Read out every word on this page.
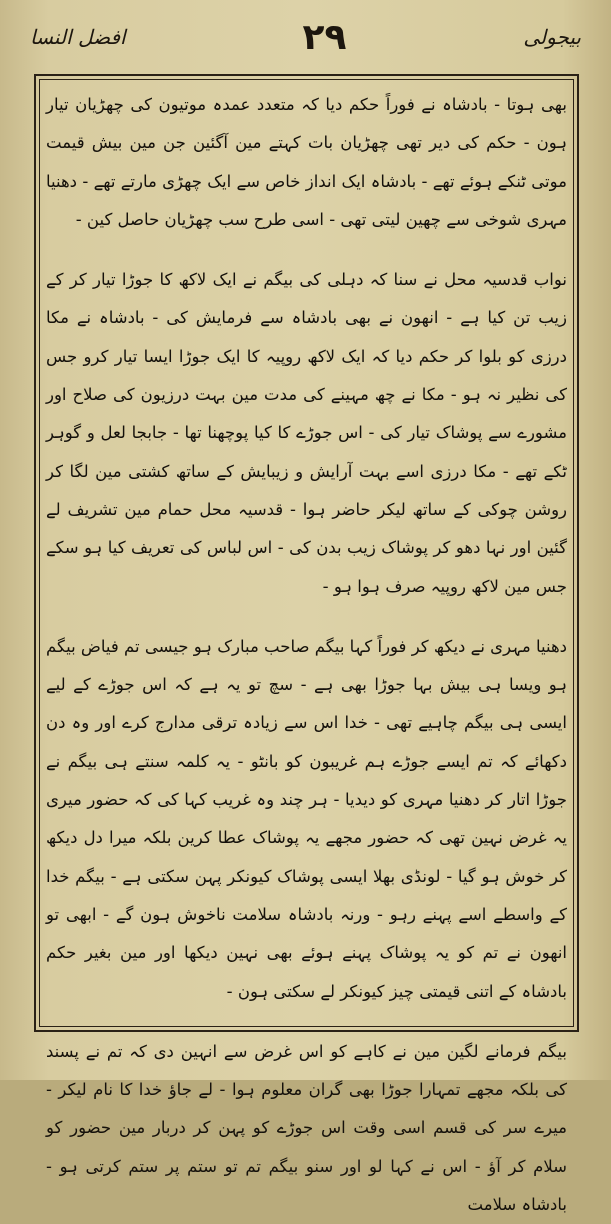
بیجولی
٢٩
افضل النسا

بھی ہوتا - بادشاہ نے فوراً حکم دیا کہ متعدد عمدہ موتیون کی چھڑیان تیار ہون - حکم کی دیر تھی چھڑیان بات کہتے مین آگئین جن مین بیش قیمت موتی ٹنکے ہوئے تھے - بادشاہ ایک انداز خاص سے ایک چھڑی مارتے تھے - دھنیا مہری شوخی سے چھین لیتی تھی - اسی طرح سب چھڑیان حاصل کین -

نواب قدسیہ محل نے سنا کہ دہلی کی بیگم نے ایک لاکھ کا جوڑا تیار کر کے زیب تن کیا ہے - انھون نے بھی بادشاہ سے فرمایش کی - بادشاہ نے مکا درزی کو بلوا کر حکم دیا کہ ایک لاکھ روپیہ کا ایک جوڑا ایسا تیار کرو جس کی نظیر نہ ہو - مکا نے چھ مہینے کی مدت مین بہت درزیون کی صلاح اور مشورے سے پوشاک تیار کی - اس جوڑے کا کیا پوچھنا تھا - جابجا لعل و گوہر ٹکے تھے - مکا درزی اسے بہت آرایش و زیبایش کے ساتھ کشتی مین لگا کر روشن چوکی کے ساتھ لیکر حاضر ہوا - قدسیہ محل حمام مین تشریف لے گئین اور نہا دھو کر پوشاک زیب بدن کی - اس لباس کی تعریف کیا ہو سکے جس مین لاکھ روپیہ صرف ہوا ہو -

دھنیا مہری نے دیکھ کر فوراً کہا بیگم صاحب مبارک ہو جیسی تم فیاض بیگم ہو ویسا ہی بیش بہا جوڑا بھی ہے - سچ تو یہ ہے کہ اس جوڑے کے لیے ایسی ہی بیگم چاہیے تھی - خدا اس سے زیادہ ترقی مدارج کرے اور وہ دن دکھائے کہ تم ایسے جوڑے ہم غریبون کو بانٹو - یہ کلمہ سنتے ہی بیگم نے جوڑا اتار کر دھنیا مہری کو دیدیا - ہر چند وہ غریب کہا کی کہ حضور میری یہ غرض نہین تھی کہ حضور مجھے یہ پوشاک عطا کرین بلکہ میرا دل دیکھ کر خوش ہو گیا - لونڈی بھلا ایسی پوشاک کیونکر پہن سکتی ہے - بیگم خدا کے واسطے اسے پہنے رہو - ورنہ بادشاہ سلامت ناخوش ہون گے - ابھی تو انھون نے تم کو یہ پوشاک پہنے ہوئے بھی نہین دیکھا اور مین بغیر حکم بادشاہ کے اتنی قیمتی چیز کیونکر لے سکتی ہون -

بیگم فرمانے لگین مین نے کاہے کو اس غرض سے انہین دی کہ تم نے پسند کی بلکہ مجھے تمہارا جوڑا بھی گران معلوم ہوا - لے جاؤ خدا کا نام لیکر - میرے سر کی قسم اسی وقت اس جوڑے کو پہن کر دربار مین حضور کو سلام کر آؤ - اس نے کہا لو اور سنو بیگم تم تو ستم پر ستم کرتی ہو - بادشاہ سلامت
